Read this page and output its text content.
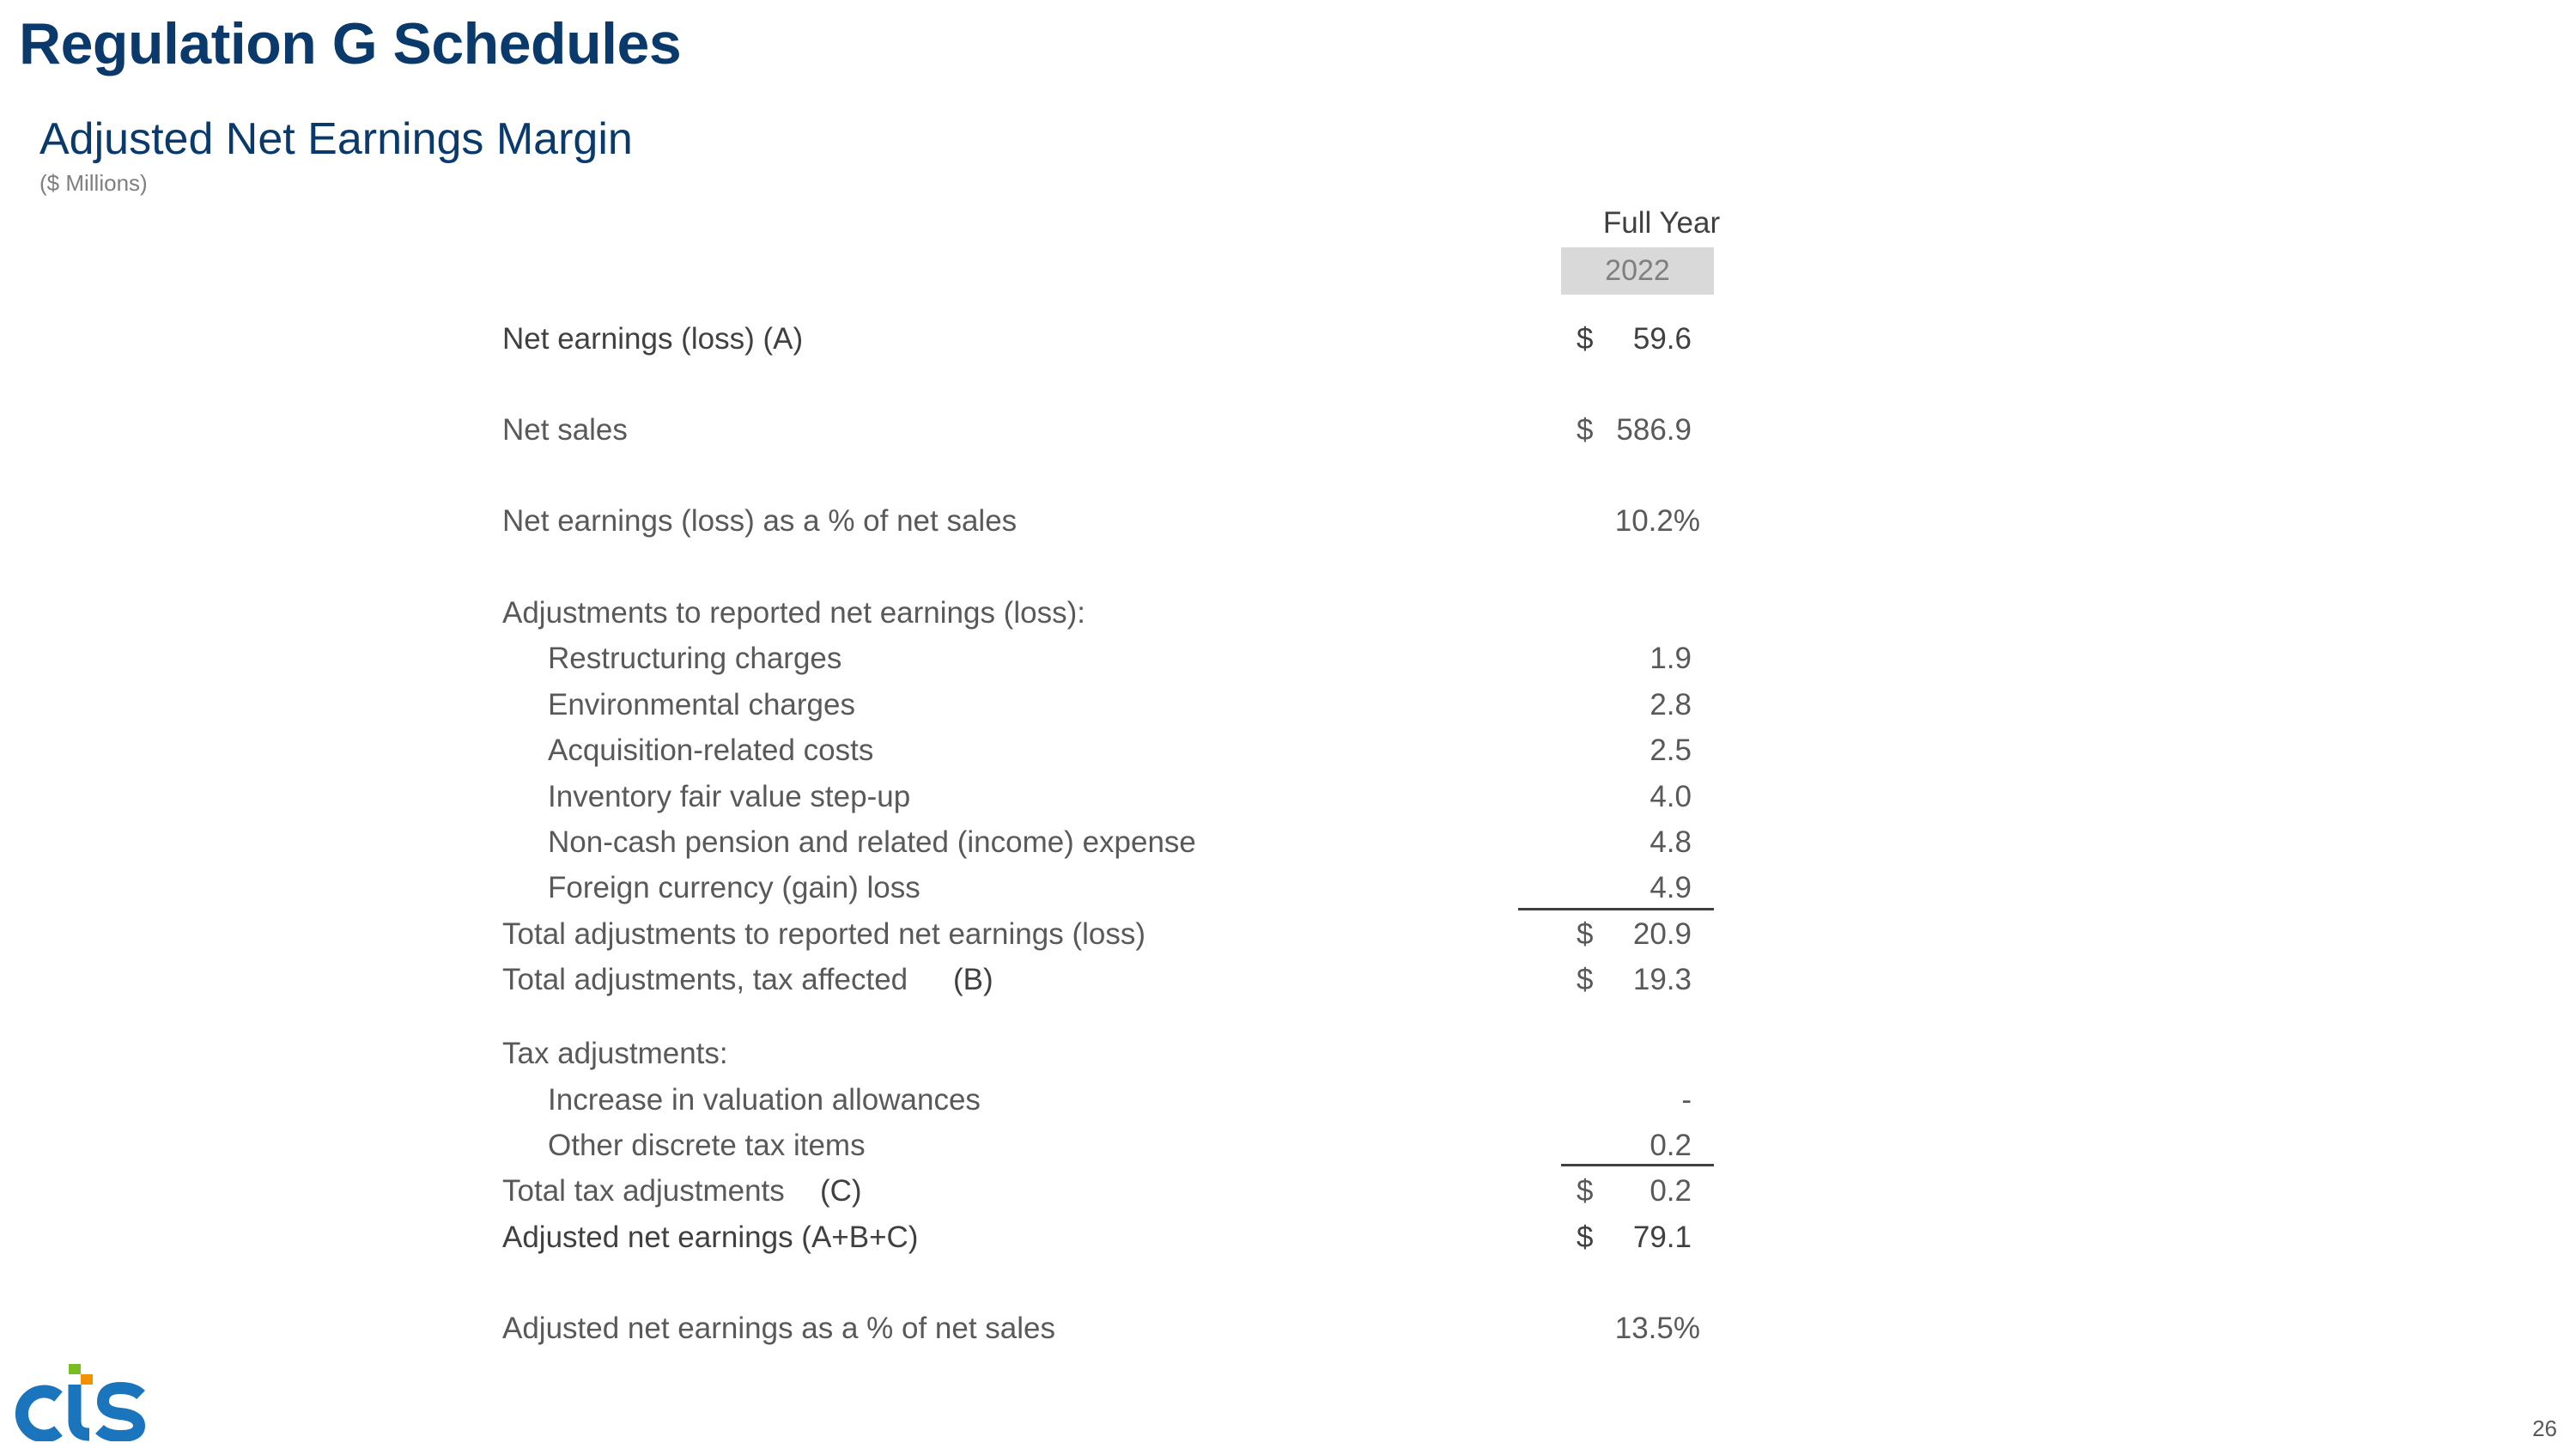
Regulation G Schedules
Adjusted Net Earnings Margin
($ Millions)
Full Year
2022
Net earnings (loss) (A)	$ 59.6
Net sales	$ 586.9
Net earnings (loss) as a % of net sales	10.2%
Adjustments to reported net earnings (loss):
Restructuring charges	1.9
Environmental charges	2.8
Acquisition-related costs	2.5
Inventory fair value step-up	4.0
Non-cash pension and related (income) expense	4.8
Foreign currency (gain) loss	4.9
Total adjustments to reported net earnings (loss)	$ 20.9
Total adjustments, tax affected (B)	$ 19.3
Tax adjustments:
Increase in valuation allowances	-
Other discrete tax items	0.2
Total tax adjustments (C)	$ 0.2
Adjusted net earnings (A+B+C)	$ 79.1
Adjusted net earnings as a % of net sales	13.5%
26
